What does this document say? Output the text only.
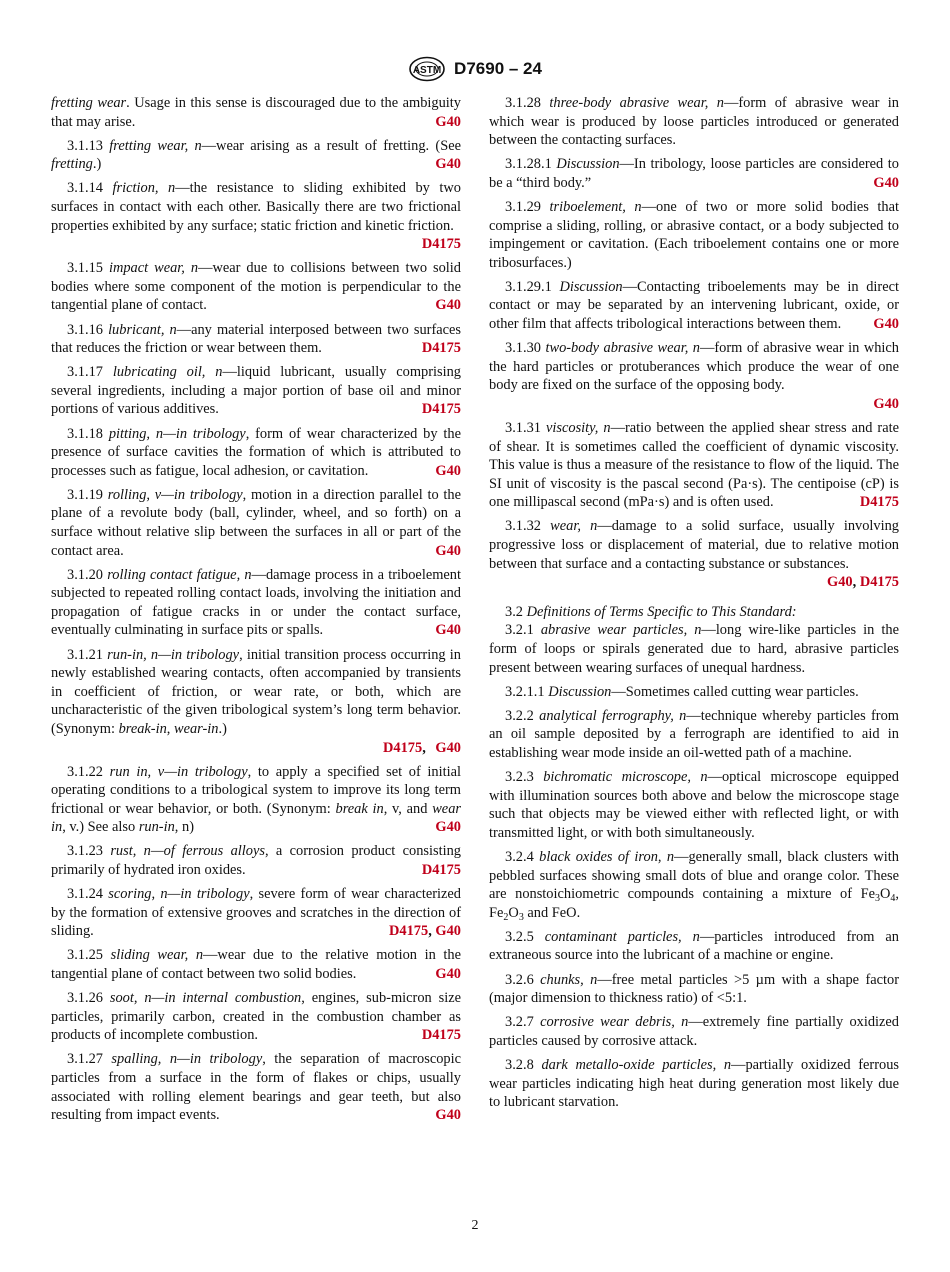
ASTM D7690 – 24

fretting wear. Usage in this sense is discouraged due to the ambiguity that may arise.	G40

3.1.13 fretting wear, n—wear arising as a result of fretting. (See fretting.)	G40

3.1.14 friction, n—the resistance to sliding exhibited by two surfaces in contact with each other. Basically there are two frictional properties exhibited by any surface; static friction and kinetic friction.
D4175

3.1.15 impact wear, n—wear due to collisions between two solid bodies where some component of the motion is perpendicular to the tangential plane of contact.	G40

3.1.16 lubricant, n—any material interposed between two surfaces that reduces the friction or wear between them.	D4175

3.1.17 lubricating oil, n—liquid lubricant, usually comprising several ingredients, including a major portion of base oil and minor portions of various additives.	D4175

3.1.18 pitting, n—in tribology, form of wear characterized by the presence of surface cavities the formation of which is attributed to processes such as fatigue, local adhesion, or cavitation.	G40

3.1.19 rolling, v—in tribology, motion in a direction parallel to the plane of a revolute body (ball, cylinder, wheel, and so forth) on a surface without relative slip between the surfaces in all or part of the contact area.	G40

3.1.20 rolling contact fatigue, n—damage process in a triboelement subjected to repeated rolling contact loads, involving the initiation and propagation of fatigue cracks in or under the contact surface, eventually culminating in surface pits or spalls.	G40

3.1.21 run-in, n—in tribology, initial transition process occurring in newly established wearing contacts, often accompanied by transients in coefficient of friction, or wear rate, or both, which are uncharacteristic of the given tribological system’s long term behavior. (Synonym: break-in, wear-in.)

D4175, G40

3.1.22 run in, v—in tribology, to apply a specified set of initial operating conditions to a tribological system to improve its long term frictional or wear behavior, or both. (Synonym: break in, v, and wear in, v.) See also run-in, n)	G40

3.1.23 rust, n—of ferrous alloys, a corrosion product consisting primarily of hydrated iron oxides.	D4175

3.1.24 scoring, n—in tribology, severe form of wear characterized by the formation of extensive grooves and scratches in the direction of sliding.	D4175, G40

3.1.25 sliding wear, n—wear due to the relative motion in the tangential plane of contact between two solid bodies.	G40

3.1.26 soot, n—in internal combustion, engines, sub-micron size particles, primarily carbon, created in the combustion chamber as products of incomplete combustion.	D4175

3.1.27 spalling, n—in tribology, the separation of macroscopic particles from a surface in the form of flakes or chips, usually associated with rolling element bearings and gear teeth, but also resulting from impact events.	G40

3.1.28 three-body abrasive wear, n—form of abrasive wear in which wear is produced by loose particles introduced or generated between the contacting surfaces.

3.1.28.1 Discussion—In tribology, loose particles are considered to be a “third body.”	G40

3.1.29 triboelement, n—one of two or more solid bodies that comprise a sliding, rolling, or abrasive contact, or a body subjected to impingement or cavitation. (Each triboelement contains one or more tribosurfaces.)

3.1.29.1 Discussion—Contacting triboelements may be in direct contact or may be separated by an intervening lubricant, oxide, or other film that affects tribological interactions between them. G40

3.1.30 two-body abrasive wear, n—form of abrasive wear in which the hard particles or protuberances which produce the wear of one body are fixed on the surface of the opposing body.

G40

3.1.31 viscosity, n—ratio between the applied shear stress and rate of shear. It is sometimes called the coefficient of dynamic viscosity. This value is thus a measure of the resistance to flow of the liquid. The SI unit of viscosity is the pascal second (Pa·s). The centipoise (cP) is one millipascal second (mPa·s) and is often used.	D4175

3.1.32 wear, n—damage to a solid surface, usually involving progressive loss or displacement of material, due to relative motion between that surface and a contacting substance or substances.
G40, D4175

3.2 Definitions of Terms Specific to This Standard:

3.2.1 abrasive wear particles, n—long wire-like particles in the form of loops or spirals generated due to hard, abrasive particles present between wearing surfaces of unequal hardness.

3.2.1.1 Discussion—Sometimes called cutting wear particles.

3.2.2 analytical ferrography, n—technique whereby particles from an oil sample deposited by a ferrograph are identified to aid in establishing wear mode inside an oil-wetted path of a machine.

3.2.3 bichromatic microscope, n—optical microscope equipped with illumination sources both above and below the microscope stage such that objects may be viewed either with reflected light, or with transmitted light, or with both simultaneously.

3.2.4 black oxides of iron, n—generally small, black clusters with pebbled surfaces showing small dots of blue and orange color. These are nonstoichiometric compounds containing a mixture of $Fe_3O_4$, $Fe_2O_3$ and FeO.

3.2.5 contaminant particles, n—particles introduced from an extraneous source into the lubricant of a machine or engine.

3.2.6 chunks, n—free metal particles >5 µm with a shape factor (major dimension to thickness ratio) of <5:1.

3.2.7 corrosive wear debris, n—extremely fine partially oxidized particles caused by corrosive attack.

3.2.8 dark metallo-oxide particles, n—partially oxidized ferrous wear particles indicating high heat during generation most likely due to lubricant starvation.

2
